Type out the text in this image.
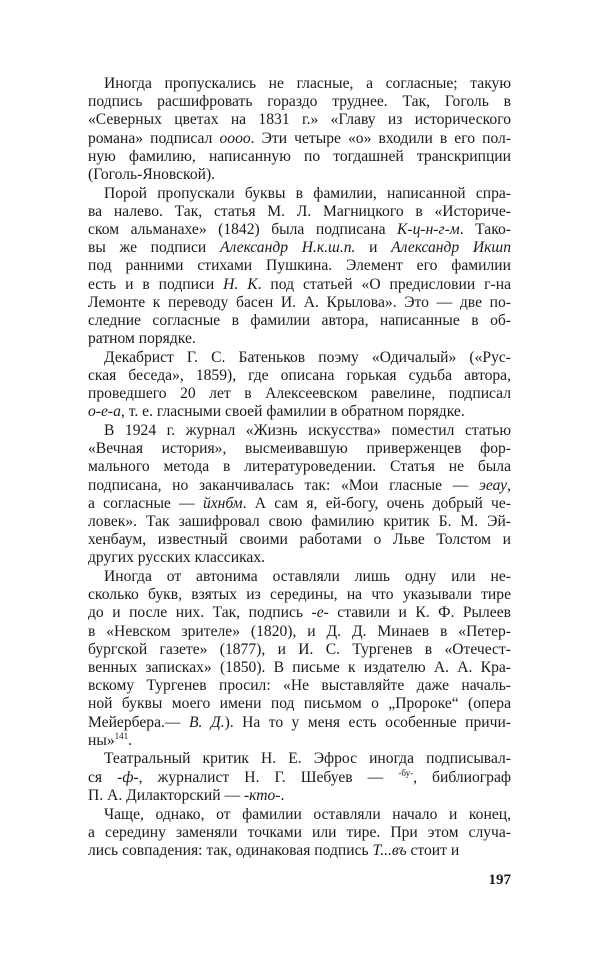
Иногда пропускались не гласные, а согласные; такую
подпись расшифровать гораздо труднее. Так, Гоголь в
«Северных цветах на 1831 г.» «Главу из исторического
романа» подписал oooo. Эти четыре «о» входили в его пол-
ную фамилию, написанную по тогдашней транскрипции
(Гоголь-Яновской).
Порой пропускали буквы в фамилии, написанной спра-
ва налево. Так, статья М. Л. Магницкого в «Историче-
ском альманахе» (1842) была подписана К-ц-н-г-м. Тако-
вы же подписи Александр Н.к.ш.п. и Александр Икшп
под ранними стихами Пушкина. Элемент его фамилии
есть и в подписи Н. К. под статьей «О предисловии г-на
Лемонте к переводу басен И. А. Крылова». Это — две по-
следние согласные в фамилии автора, написанные в об-
ратном порядке.
Декабрист Г. С. Батеньков поэму «Одичалый» («Рус-
ская беседа», 1859), где описана горькая судьба автора,
проведшего 20 лет в Алексеевском равелине, подписал
о-е-а, т. е. гласными своей фамилии в обратном порядке.
В 1924 г. журнал «Жизнь искусства» поместил статью
«Вечная история», высмеивавшую приверженцев фор-
мального метода в литературоведении. Статья не была
подписана, но заканчивалась так: «Мои гласные — эеау,
а согласные — йхнбм. А сам я, ей-богу, очень добрый че-
ловек». Так зашифровал свою фамилию критик Б. М. Эй-
хенбаум, известный своими работами о Льве Толстом и
других русских классиках.
Иногда от автонима оставляли лишь одну или не-
сколько букв, взятых из середины, на что указывали тире
до и после них. Так, подпись -е- ставили и К. Ф. Рылеев
в «Невском зрителе» (1820), и Д. Д. Минаев в «Петер-
бургской газете» (1877), и И. С. Тургенев в «Отечест-
венных записках» (1850). В письме к издателю А. А. Кра-
вскому Тургенев просил: «Не выставляйте даже началь-
ной буквы моего имени под письмом о „Пророке“ (опера
Мейербера.— В. Д.). На то у меня есть особенные причи-
ны»$^{141}$.
Театральный критик Н. Е. Эфрос иногда подписывал-
ся -ф-, журналист Н. Г. Шебуев — $^{-бу-}$, библиограф
П. А. Дилакторский — -кто-.
Чаще, однако, от фамилии оставляли начало и конец,
а середину заменяли точками или тире. При этом случа-
лись совпадения: так, одинаковая подпись Т...въ стоит и
197
